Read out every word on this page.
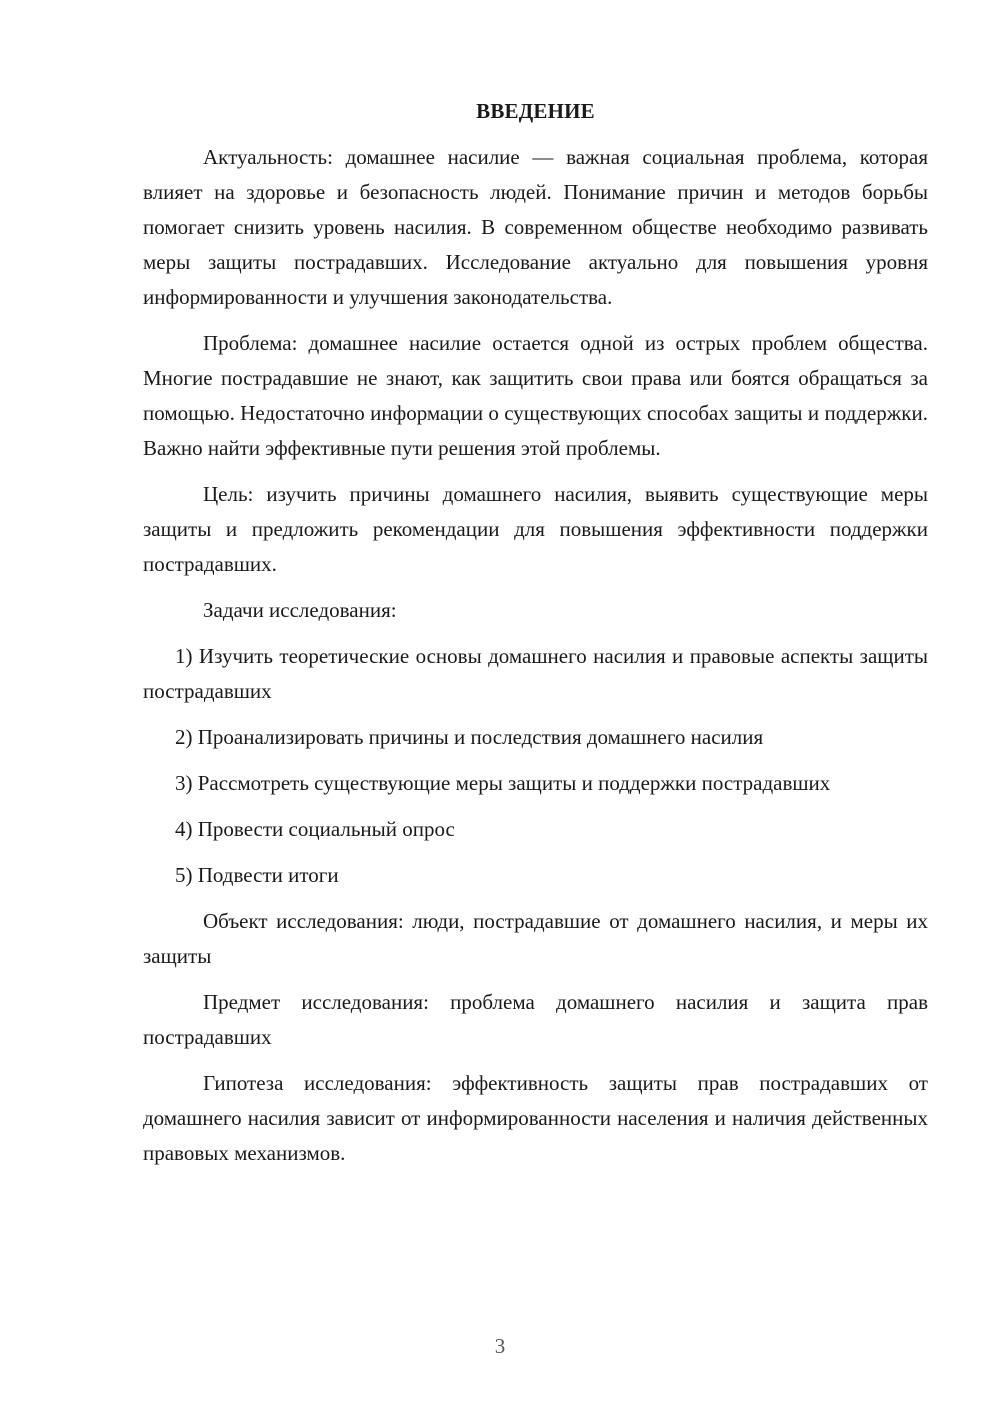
ВВЕДЕНИЕ

Актуальность: домашнее насилие — важная социальная проблема, которая влияет на здоровье и безопасность людей. Понимание причин и методов борьбы помогает снизить уровень насилия. В современном обществе необходимо развивать меры защиты пострадавших. Исследование актуально для повышения уровня информированности и улучшения законодательства.

Проблема: домашнее насилие остается одной из острых проблем общества. Многие пострадавшие не знают, как защитить свои права или боятся обращаться за помощью. Недостаточно информации о существующих способах защиты и поддержки. Важно найти эффективные пути решения этой проблемы.

Цель: изучить причины домашнего насилия, выявить существующие меры защиты и предложить рекомендации для повышения эффективности поддержки пострадавших.

Задачи исследования:

1) Изучить теоретические основы домашнего насилия и правовые аспекты защиты пострадавших

2) Проанализировать причины и последствия домашнего насилия

3) Рассмотреть существующие меры защиты и поддержки пострадавших

4) Провести социальный опрос

5) Подвести итоги

Объект исследования: люди, пострадавшие от домашнего насилия, и меры их защиты

Предмет исследования: проблема домашнего насилия и защита прав пострадавших

Гипотеза исследования: эффективность защиты прав пострадавших от домашнего насилия зависит от информированности населения и наличия действенных правовых механизмов.

3
